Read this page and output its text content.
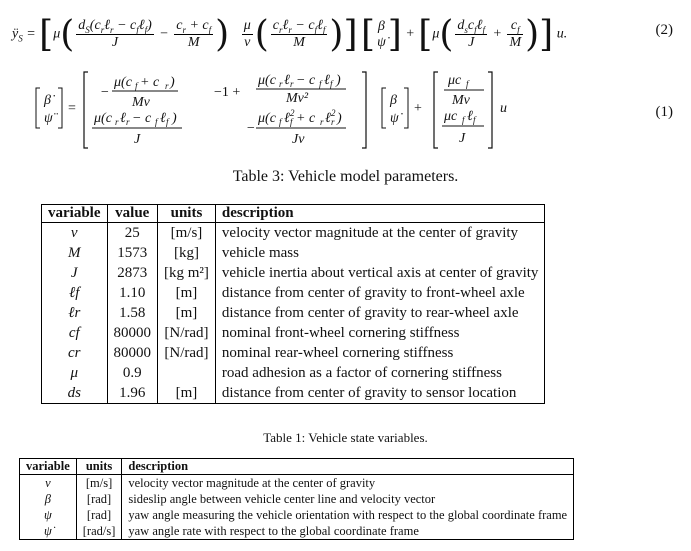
$ÿ_S = [\mu( \frac{d_S(c_r\ell_r - c_f\ell_f)}{J} - \frac{c_r + c_f}{M}$ ) $\frac{\mu}{v}$ ( $\frac{c_r\ell_r - c_f\ell_f}{M}$ )] [ β
ψ̇ ] + [$\mu( \frac{d_sc_f\ell_f}{J} + \frac{c_f}{M}$ )] u.	(2)
β̇
ψ̈
=
−
μ(c f + c r )
Mv
−1 +
μ(c r ℓ r − c f ℓ f )
Mv²
μ(c r ℓ r − c f ℓ f )
J
−
μ(c f ℓ f
2 + c r ℓ r
2 )
Jv
β
ψ̇
+
μc f
Mv
μc f ℓ f
J
u	(1)
Table 3: Vehicle model parameters.
variable	value	units	description
v	25	[m/s]	velocity vector magnitude at the center of gravity
M	1573	[kg]	vehicle mass
J	2873	[kg m²]	vehicle inertia about vertical axis at center of gravity
ℓf	1.10	[m]	distance from center of gravity to front-wheel axle
ℓr	1.58	[m]	distance from center of gravity to rear-wheel axle
cf	80000	[N/rad]	nominal front-wheel cornering stiffness
cr	80000	[N/rad]	nominal rear-wheel cornering stiffness
μ	0.9		road adhesion as a factor of cornering stiffness
ds	1.96	[m]	distance from center of gravity to sensor location
Table 1: Vehicle state variables.
variable	units	description
v	[m/s]	velocity vector magnitude at the center of gravity
β	[rad]	sideslip angle between vehicle center line and velocity vector
ψ	[rad]	yaw angle measuring the vehicle orientation with respect to the global coordinate frame
ψ̇	[rad/s]	yaw angle rate with respect to the global coordinate frame
